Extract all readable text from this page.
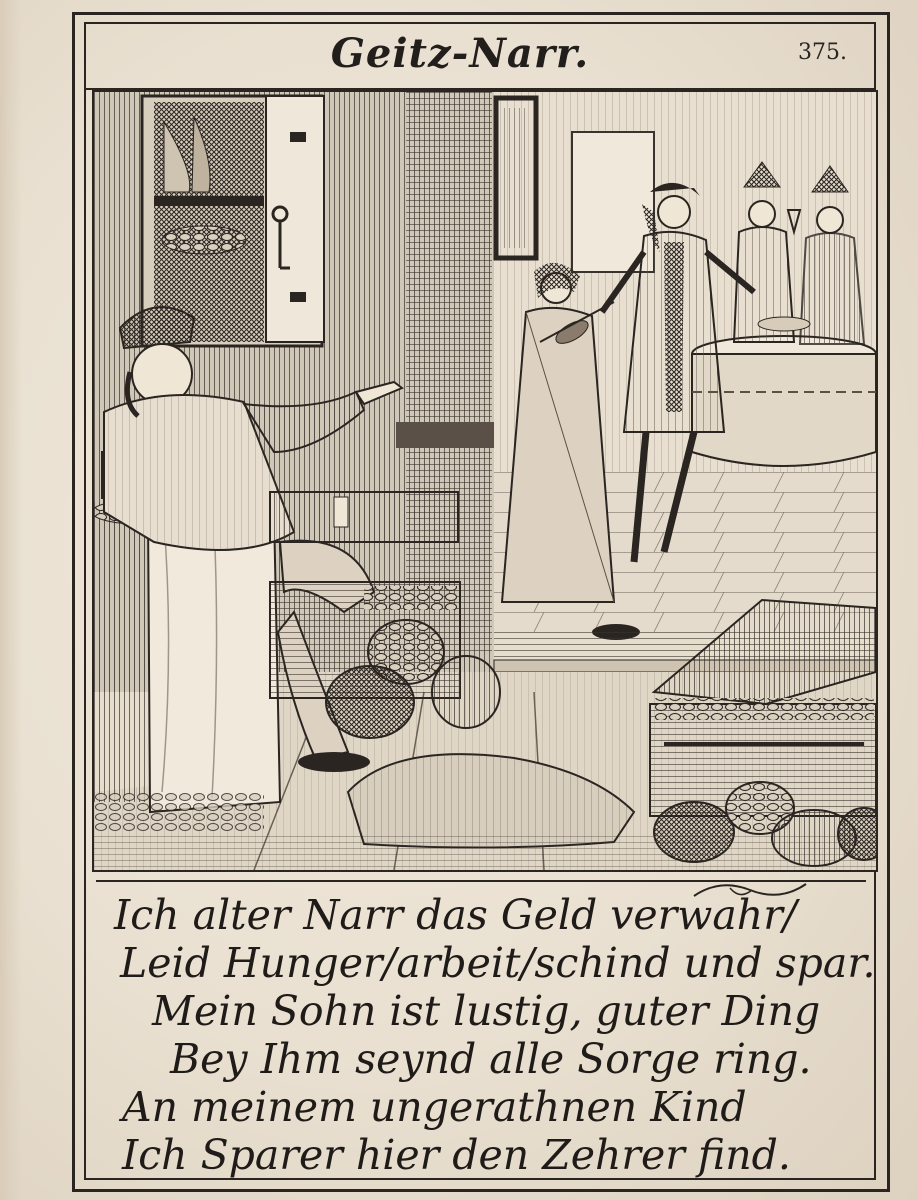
Geitz-Narr.	375.
Ich alter Narr das Geld verwahr/
Leid Hunger/arbeit/schind und spar.
Mein Sohn ist lustig, guter Ding
Bey Ihm seynd alle Sorge ring.
An meinem ungerathnen Kind
Ich Sparer hier den Zehrer find.
